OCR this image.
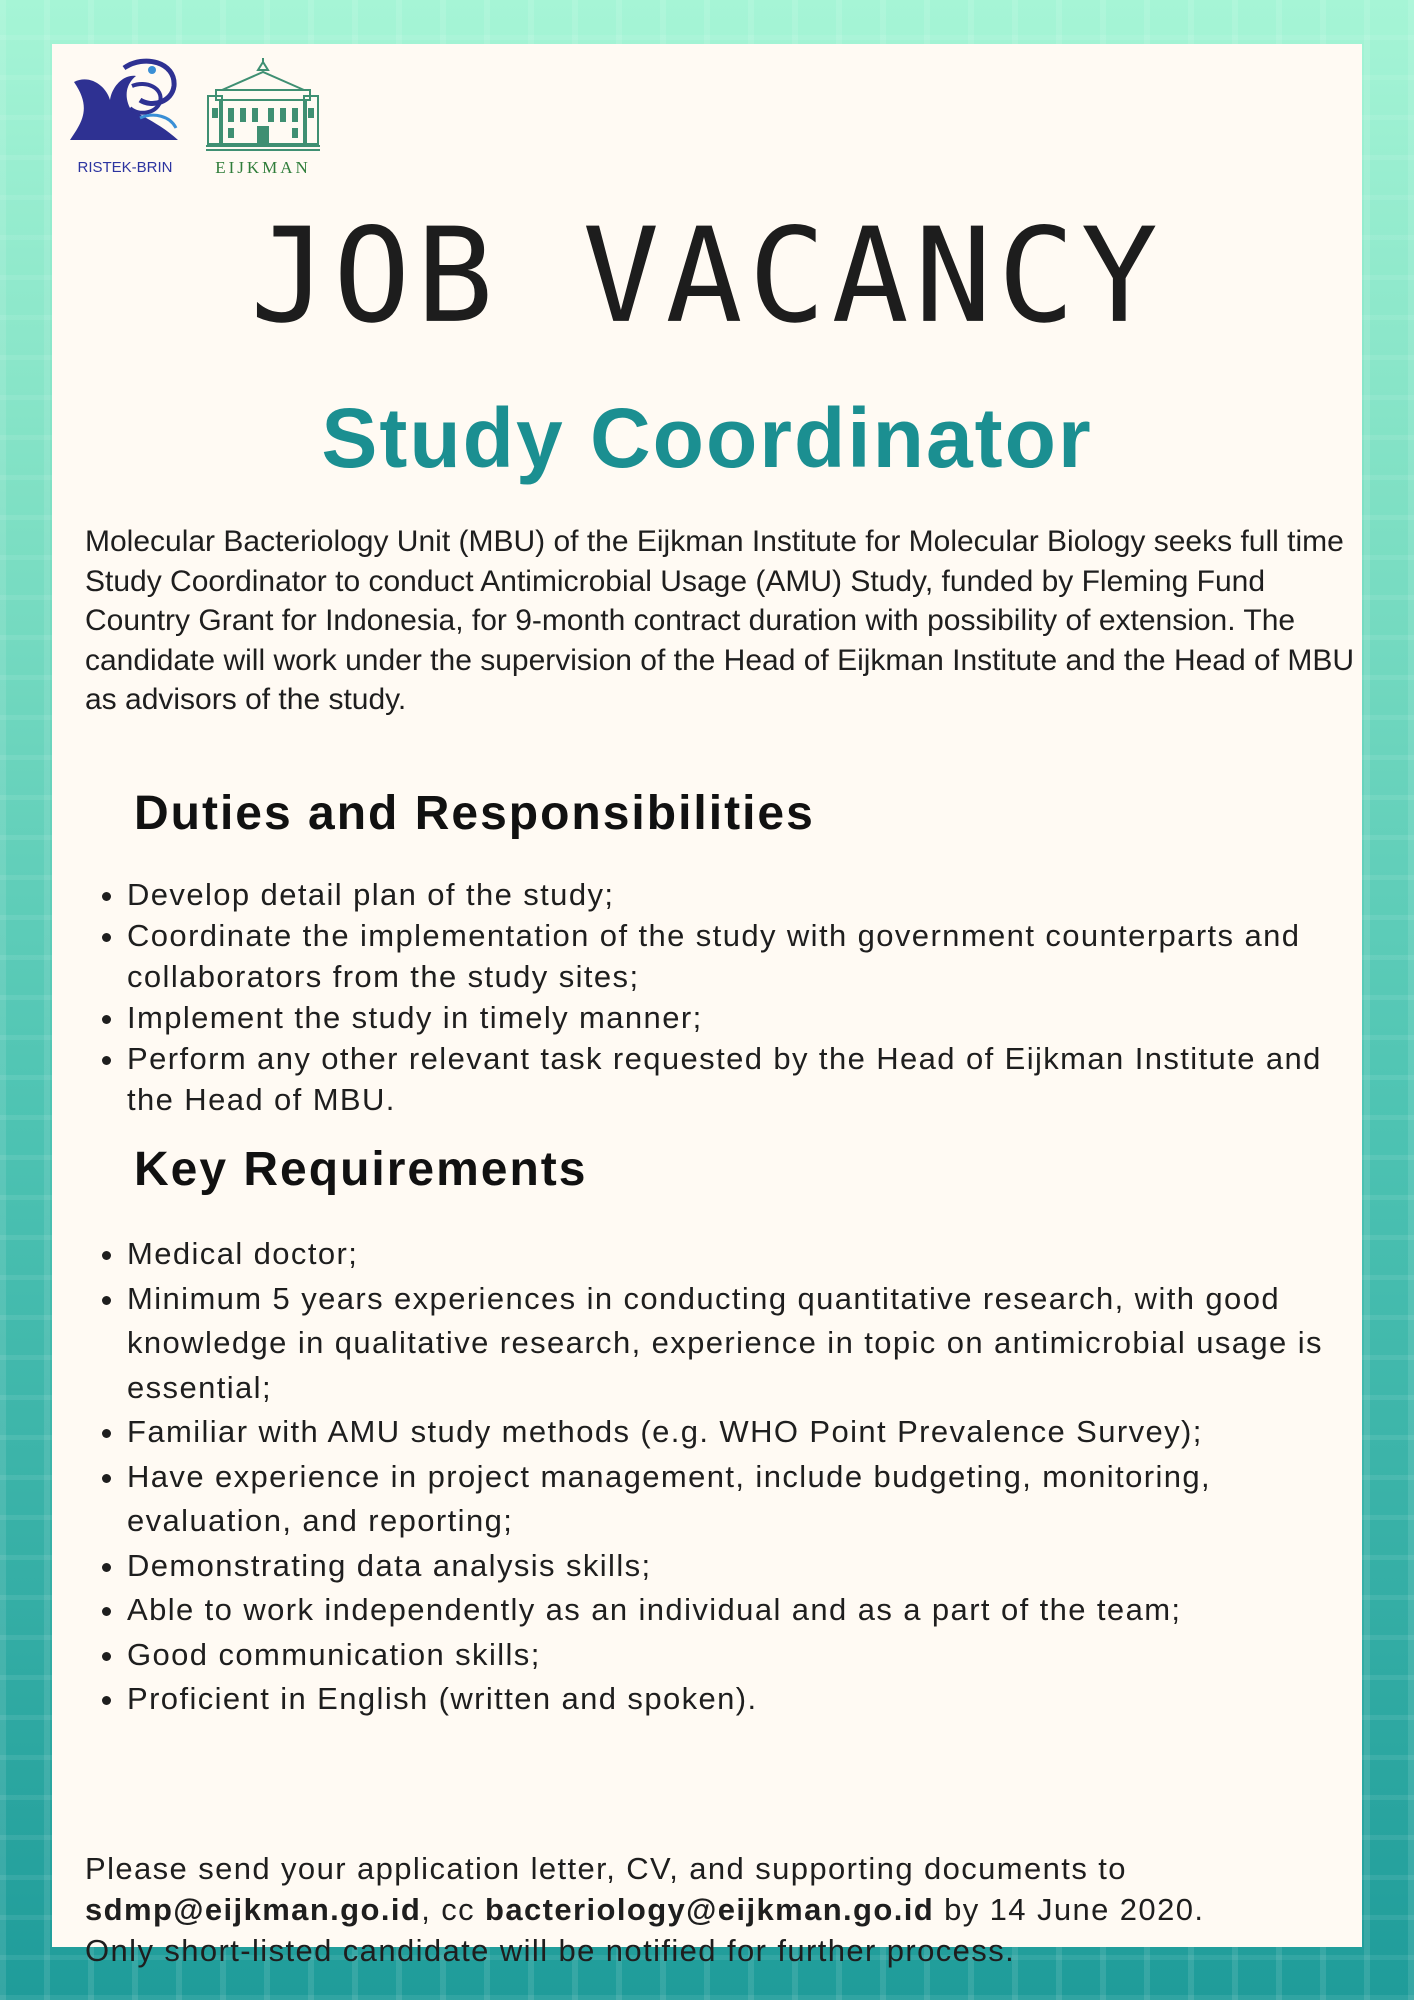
RISTEK-BRIN	EIJKMAN
JOB VACANCY
Study Coordinator
Molecular Bacteriology Unit (MBU) of the Eijkman Institute for Molecular Biology seeks full time Study Coordinator to conduct Antimicrobial Usage (AMU) Study, funded by Fleming Fund Country Grant for Indonesia, for 9-month contract duration with possibility of extension. The candidate will work under the supervision of the Head of Eijkman Institute and the Head of MBU as advisors of the study.
Duties and Responsibilities
• Develop detail plan of the study;
• Coordinate the implementation of the study with government counterparts and collaborators from the study sites;
• Implement the study in timely manner;
• Perform any other relevant task requested by the Head of Eijkman Institute and the Head of MBU.
Key Requirements
• Medical doctor;
• Minimum 5 years experiences in conducting quantitative research, with good knowledge in qualitative research, experience in topic on antimicrobial usage is essential;
• Familiar with AMU study methods (e.g. WHO Point Prevalence Survey);
• Have experience in project management, include budgeting, monitoring, evaluation, and reporting;
• Demonstrating data analysis skills;
• Able to work independently as an individual and as a part of the team;
• Good communication skills;
• Proficient in English (written and spoken).
Please send your application letter, CV, and supporting documents to
sdmp@eijkman.go.id, cc bacteriology@eijkman.go.id by 14 June 2020.
Only short-listed candidate will be notified for further process.
